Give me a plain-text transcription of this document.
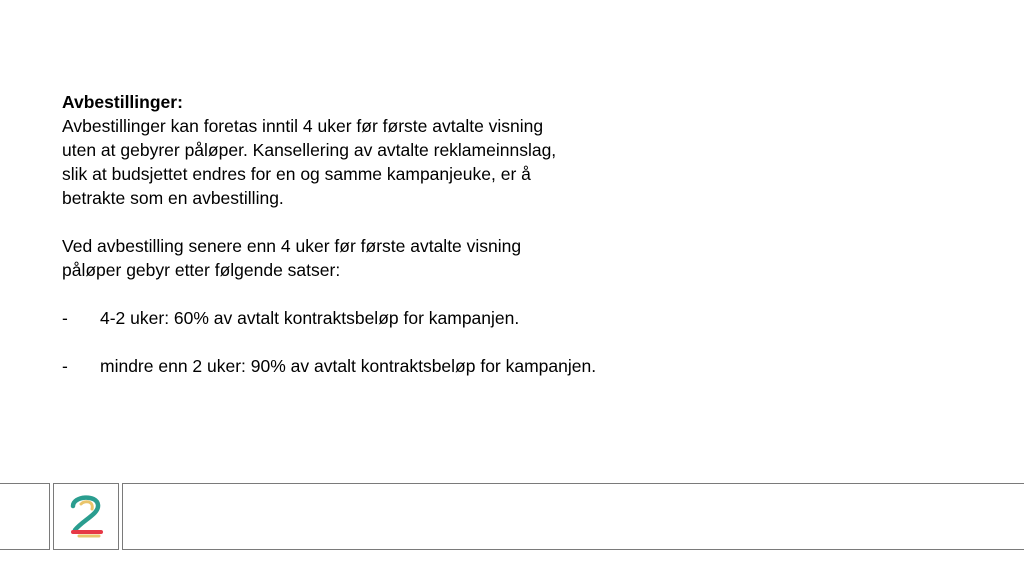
Avbestillinger:

Avbestillinger kan foretas inntil 4 uker før første avtalte visning

uten at gebyrer påløper. Kansellering av avtalte reklameinnslag,

slik at budsjettet endres for en og samme kampanjeuke, er å

betrakte som en avbestilling.

Ved avbestilling senere enn 4 uker før første avtalte visning

påløper gebyr etter følgende satser:

-	4-2 uker: 60% av avtalt kontraktsbeløp for kampanjen.

-	mindre enn 2 uker: 90% av avtalt kontraktsbeløp for kampanjen.
